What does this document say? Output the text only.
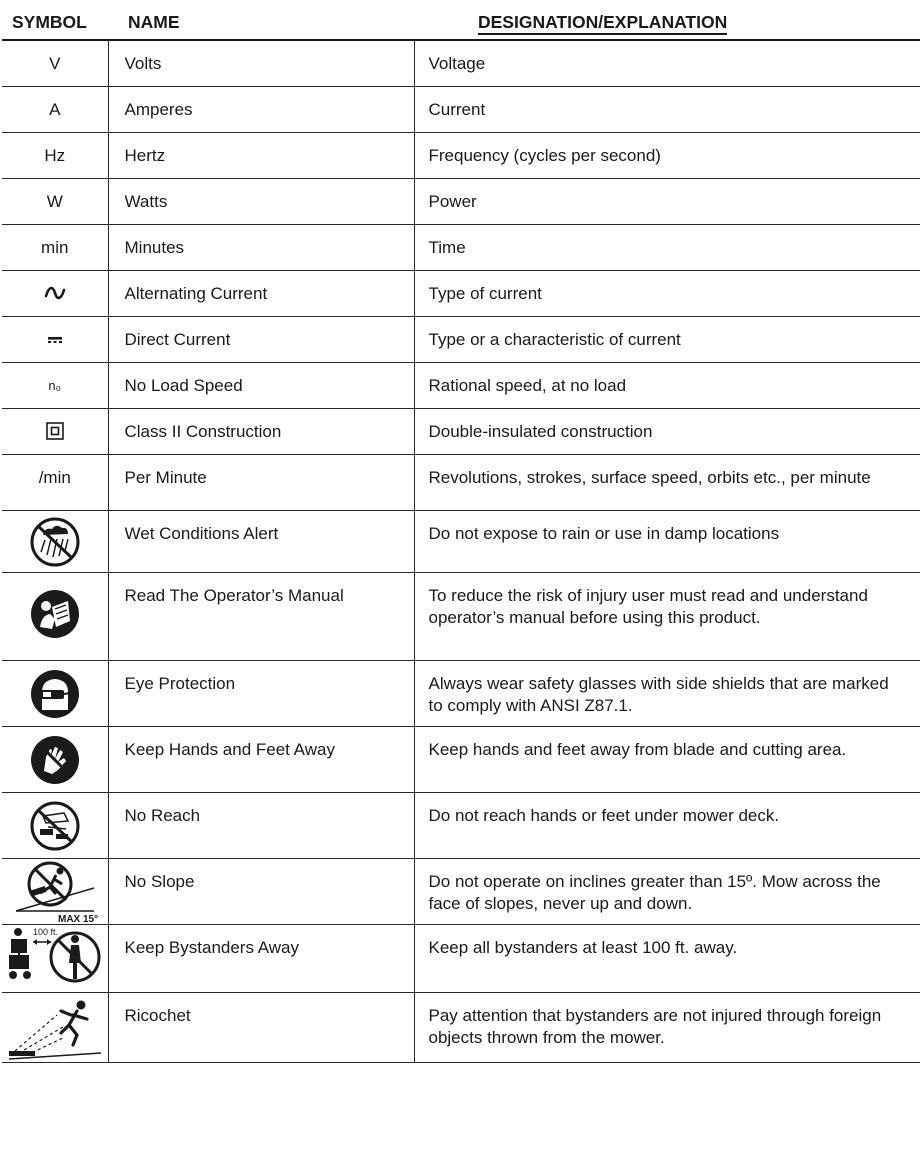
SYMBOL	NAME	DESIGNATION/EXPLANATION

V	Volts	Voltage

A	Amperes	Current

Hz	Hertz	Frequency (cycles per second)

W	Watts	Power

min	Minutes	Time

	Alternating Current	Type of current

	Direct Current	Type or a characteristic of current

n₀	No Load Speed	Rational speed, at no load

	Class II Construction	Double-insulated construction

/min	Per Minute	Revolutions, strokes, surface speed, orbits etc., per minute

	Wet Conditions Alert	Do not expose to rain or use in damp locations

	Read The Operator’s Manual	To reduce the risk of injury user must read and understand operator’s manual before using this product.

	Eye Protection	Always wear safety glasses with side shields that are marked to comply with ANSI Z87.1.

	Keep Hands and Feet Away	Keep hands and feet away from blade and cutting area.

	No Reach	Do not reach hands or feet under mower deck.

MAX 15°	No Slope	Do not operate on inclines greater than 15º. Mow across the face of slopes, never up and down.

100 ft.	Keep Bystanders Away	Keep all bystanders at least 100 ft. away.

	Ricochet	Pay attention that bystanders are not injured through foreign objects thrown from the mower.
